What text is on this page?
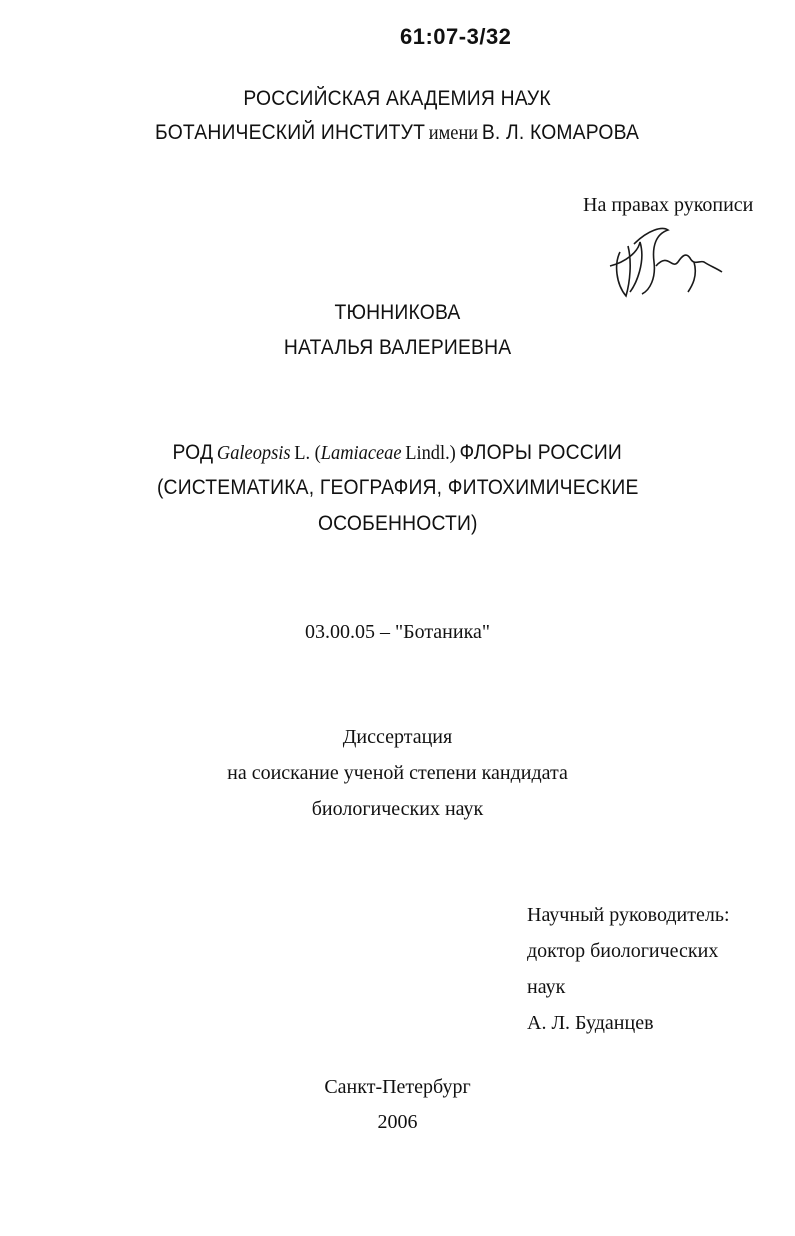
61:07-3/32
РОССИЙСКАЯ АКАДЕМИЯ НАУК
БОТАНИЧЕСКИЙ ИНСТИТУТ имени В. Л. КОМАРОВА
На правах рукописи
ТЮННИКОВА
НАТАЛЬЯ ВАЛЕРИЕВНА
РОД Galeopsis L. (Lamiaceae Lindl.) ФЛОРЫ РОССИИ
(СИСТЕМАТИКА, ГЕОГРАФИЯ, ФИТОХИМИЧЕСКИЕ
ОСОБЕННОСТИ)
03.00.05 – "Ботаника"
Диссертация
на соискание ученой степени кандидата
биологических наук
Научный руководитель:
доктор биологических
наук
А. Л. Буданцев
Санкт-Петербург
2006
